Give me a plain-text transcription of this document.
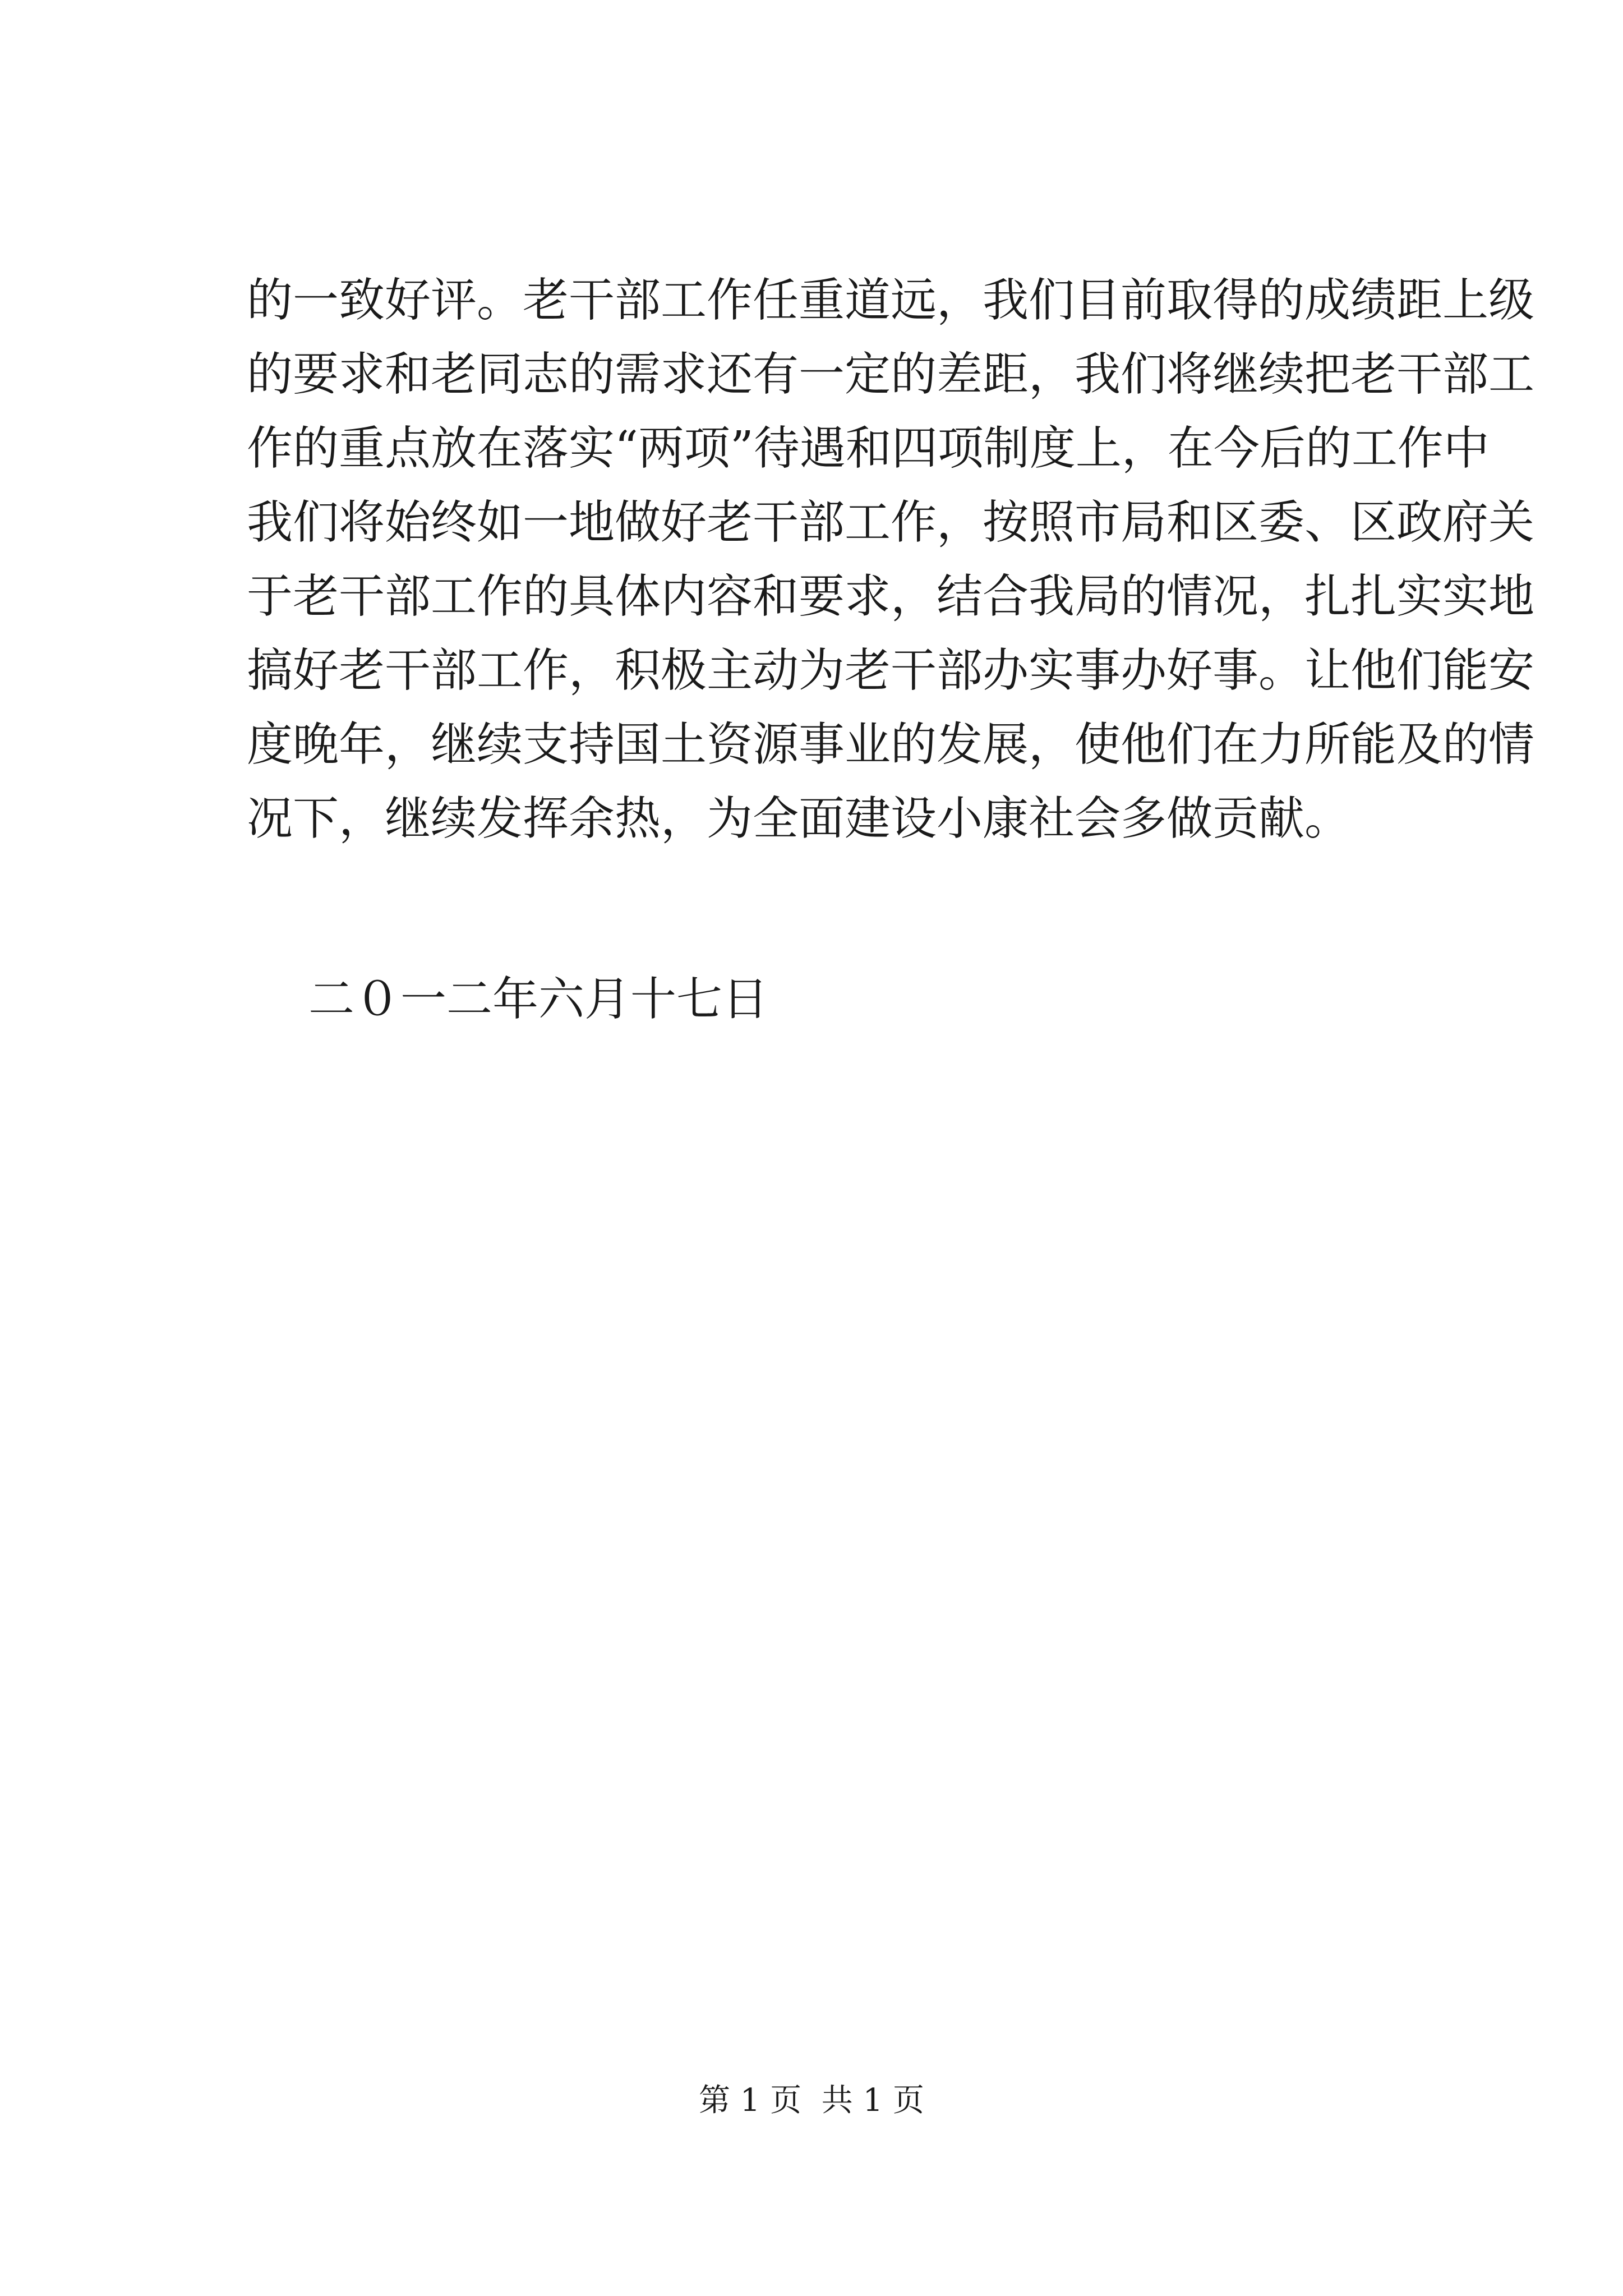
的一致好评。老干部工作任重道远，我们目前取得的成绩距上级
的要求和老同志的需求还有一定的差距，我们将继续把老干部工
作的重点放在落实“两项”待遇和四项制度上，在今后的工作中
我们将始终如一地做好老干部工作，按照市局和区委、区政府关
于老干部工作的具体内容和要求，结合我局的情况，扎扎实实地
搞好老干部工作，积极主动为老干部办实事办好事。让他们能安
度晚年，继续支持国土资源事业的发展，使他们在力所能及的情
况下，继续发挥余热，为全面建设小康社会多做贡献。
二０一二年六月十七日
第 1 页  共 1 页
